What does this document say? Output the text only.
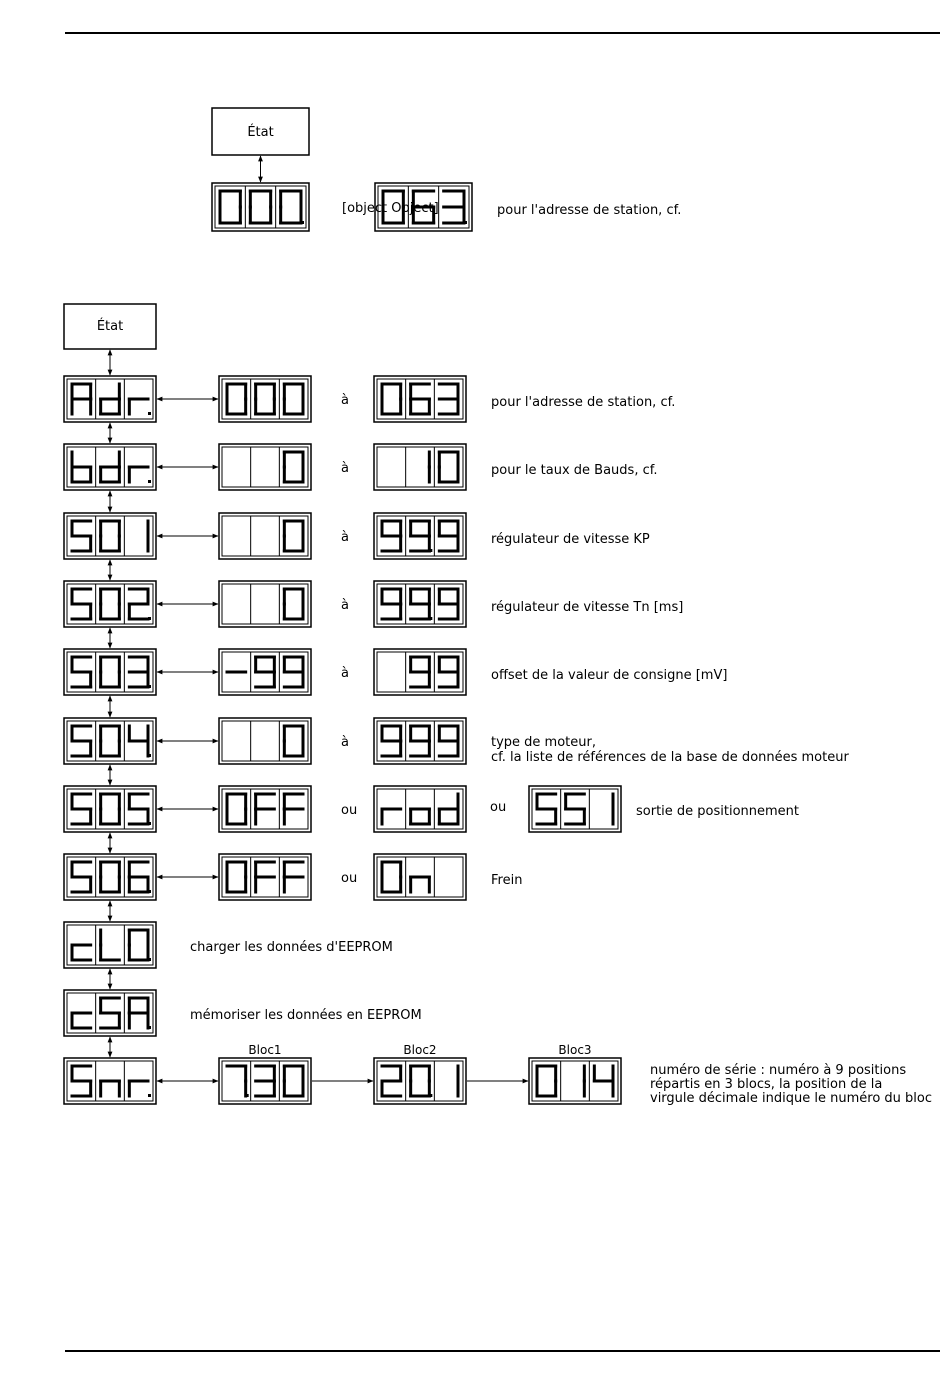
État
[object Object]	pour l'adresse de station, cf.
État
à	pour l'adresse de station, cf.
à	pour le taux de Bauds, cf.
à	régulateur de vitesse KP
à	régulateur de vitesse Tn [ms]
à	offset de la valeur de consigne [mV]
à	type de moteur,
cf. la liste de références de la base de données moteur
ou	ou	sortie de positionnement
ou	Frein
charger les données d'EEPROM
mémoriser les données en EEPROM
Bloc1	Bloc2	Bloc3
numéro de série : numéro à 9 positions
répartis en 3 blocs, la position de la
virgule décimale indique le numéro du bloc
